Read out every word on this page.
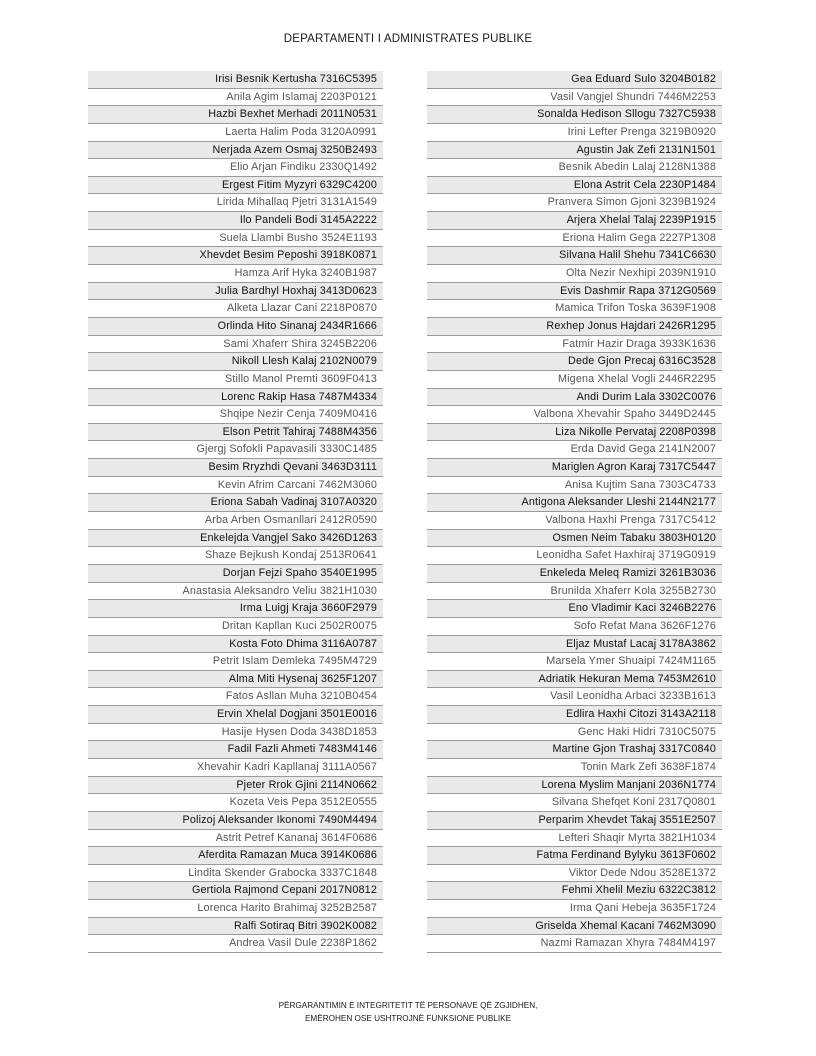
DEPARTAMENTI I ADMINISTRATES PUBLIKE
Irisi Besnik Kertusha 7316C5395
Anila Agim Islamaj 2203P0121
Hazbi Bexhet Merhadi 2011N0531
Laerta Halim Poda 3120A0991
Nerjada Azem Osmaj 3250B2493
Elio Arjan Findiku 2330Q1492
Ergest Fitim Myzyri 6329C4200
Lirida Mihallaq Pjetri 3131A1549
Ilo Pandeli Bodi 3145A2222
Suela Llambi Busho 3524E1193
Xhevdet Besim Peposhi 3918K0871
Hamza Arif Hyka 3240B1987
Julia Bardhyl Hoxhaj 3413D0623
Alketa Llazar Cani 2218P0870
Orlinda Hito Sinanaj 2434R1666
Sami Xhaferr Shira 3245B2206
Nikoll Llesh Kalaj 2102N0079
Stillo Manol Premti 3609F0413
Lorenc Rakip Hasa 7487M4334
Shqipe Nezir Cenja 7409M0416
Elson Petrit Tahiraj 7488M4356
Gjergj Sofokli Papavasili 3330C1485
Besim Rryzhdi Qevani 3463D3111
Kevin Afrim Carcani 7462M3060
Eriona Sabah Vadinaj 3107A0320
Arba Arben Osmanllari 2412R0590
Enkelejda Vangjel Sako 3426D1263
Shaze Bejkush Kondaj 2513R0641
Dorjan Fejzi Spaho 3540E1995
Anastasia Aleksandro Veliu 3821H1030
Irma Luigj Kraja 3660F2979
Dritan Kapllan Kuci 2502R0075
Kosta Foto Dhima 3116A0787
Petrit Islam Demleka 7495M4729
Alma Miti Hysenaj 3625F1207
Fatos Asllan Muha 3210B0454
Ervin Xhelal Dogjani 3501E0016
Hasije Hysen Doda 3438D1853
Fadil Fazli Ahmeti 7483M4146
Xhevahir Kadri Kapllanaj 3111A0567
Pjeter Rrok Gjini 2114N0662
Kozeta Veis Pepa 3512E0555
Polizoj Aleksander Ikonomi 7490M4494
Astrit Petref Kananaj 3614F0686
Aferdita Ramazan Muca 3914K0686
Lindita Skender Grabocka 3337C1848
Gertiola Rajmond Cepani 2017N0812
Lorenca Harito Brahimaj 3252B2587
Ralfi Sotiraq Bitri 3902K0082
Andrea Vasil Dule 2238P1862
Gea Eduard Sulo 3204B0182
Vasil Vangjel Shundri 7446M2253
Sonalda Hedison Sllogu 7327C5938
Irini Lefter Prenga 3219B0920
Agustin Jak Zefi 2131N1501
Besnik Abedin Lalaj 2128N1388
Elona Astrit Cela 2230P1484
Pranvera Simon Gjoni 3239B1924
Arjera Xhelal Talaj 2239P1915
Eriona Halim Gega 2227P1308
Silvana Halil Shehu 7341C6630
Olta Nezir Nexhipi 2039N1910
Evis Dashmir Rapa 3712G0569
Mamica Trifon Toska 3639F1908
Rexhep Jonus Hajdari 2426R1295
Fatmir Hazir Draga 3933K1636
Dede Gjon Precaj 6316C3528
Migena Xhelal Vogli 2446R2295
Andi Durim Lala 3302C0076
Valbona Xhevahir Spaho 3449D2445
Liza Nikolle Pervataj 2208P0398
Erda David Gega 2141N2007
Mariglen Agron Karaj 7317C5447
Anisa Kujtim Sana 7303C4733
Antigona Aleksander Lleshi 2144N2177
Valbona Haxhi Prenga 7317C5412
Osmen Neim Tabaku 3803H0120
Leonidha Safet Haxhiraj 3719G0919
Enkeleda Meleq Ramizi 3261B3036
Brunilda Xhaferr Kola 3255B2730
Eno Vladimir Kaci 3246B2276
Sofo Refat Mana 3626F1276
Eljaz Mustaf Lacaj 3178A3862
Marsela Ymer Shuaipi 7424M1165
Adriatik Hekuran Mema 7453M2610
Vasil Leonidha Arbaci 3233B1613
Edlira Haxhi Citozi 3143A2118
Genc Haki Hidri 7310C5075
Martine Gjon Trashaj 3317C0840
Tonin Mark Zefi 3638F1874
Lorena Myslim Manjani 2036N1774
Silvana Shefqet Koni 2317Q0801
Perparim Xhevdet Takaj 3551E2507
Lefteri Shaqir Myrta 3821H1034
Fatma Ferdinand Bylyku 3613F0602
Viktor Dede Ndou 3528E1372
Fehmi Xhelil Meziu 6322C3812
Irma Qani Hebeja 3635F1724
Griselda Xhemal Kacani 7462M3090
Nazmi Ramazan Xhyra 7484M4197
PËRGARANTIMIN E INTEGRITETIT TË PERSONAVE QË ZGJIDHEN,
EMËROHEN OSE USHTROJNË FUNKSIONE PUBLIKE
